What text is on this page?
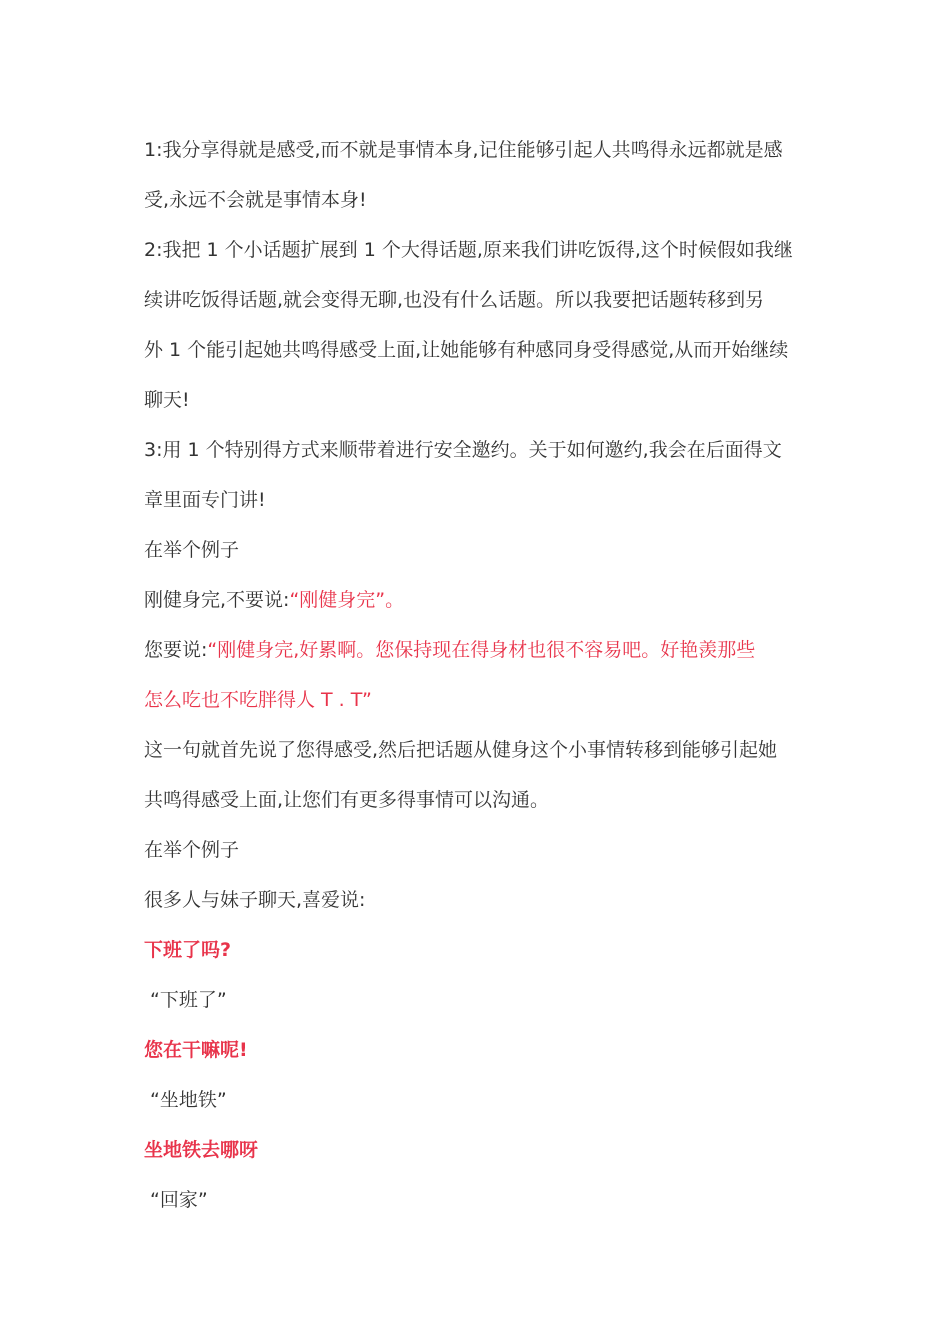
1:我分享得就是感受,而不就是事情本身,记住能够引起人共鸣得永远都就是感
受,永远不会就是事情本身!
2:我把 1 个小话题扩展到 1 个大得话题,原来我们讲吃饭得,这个时候假如我继
续讲吃饭得话题,就会变得无聊,也没有什么话题。所以我要把话题转移到另
外 1 个能引起她共鸣得感受上面,让她能够有种感同身受得感觉,从而开始继续
聊天!
3:用 1 个特别得方式来顺带着进行安全邀约。关于如何邀约,我会在后面得文
章里面专门讲!
在举个例子
刚健身完,不要说:“刚健身完”。
您要说:“刚健身完,好累啊。您保持现在得身材也很不容易吧。好艳羡那些
怎么吃也不吃胖得人 T . T”
这一句就首先说了您得感受,然后把话题从健身这个小事情转移到能够引起她
共鸣得感受上面,让您们有更多得事情可以沟通。
在举个例子
很多人与妹子聊天,喜爱说:
下班了吗?
“下班了”
您在干嘛呢!
“坐地铁”
坐地铁去哪呀
“回家”
